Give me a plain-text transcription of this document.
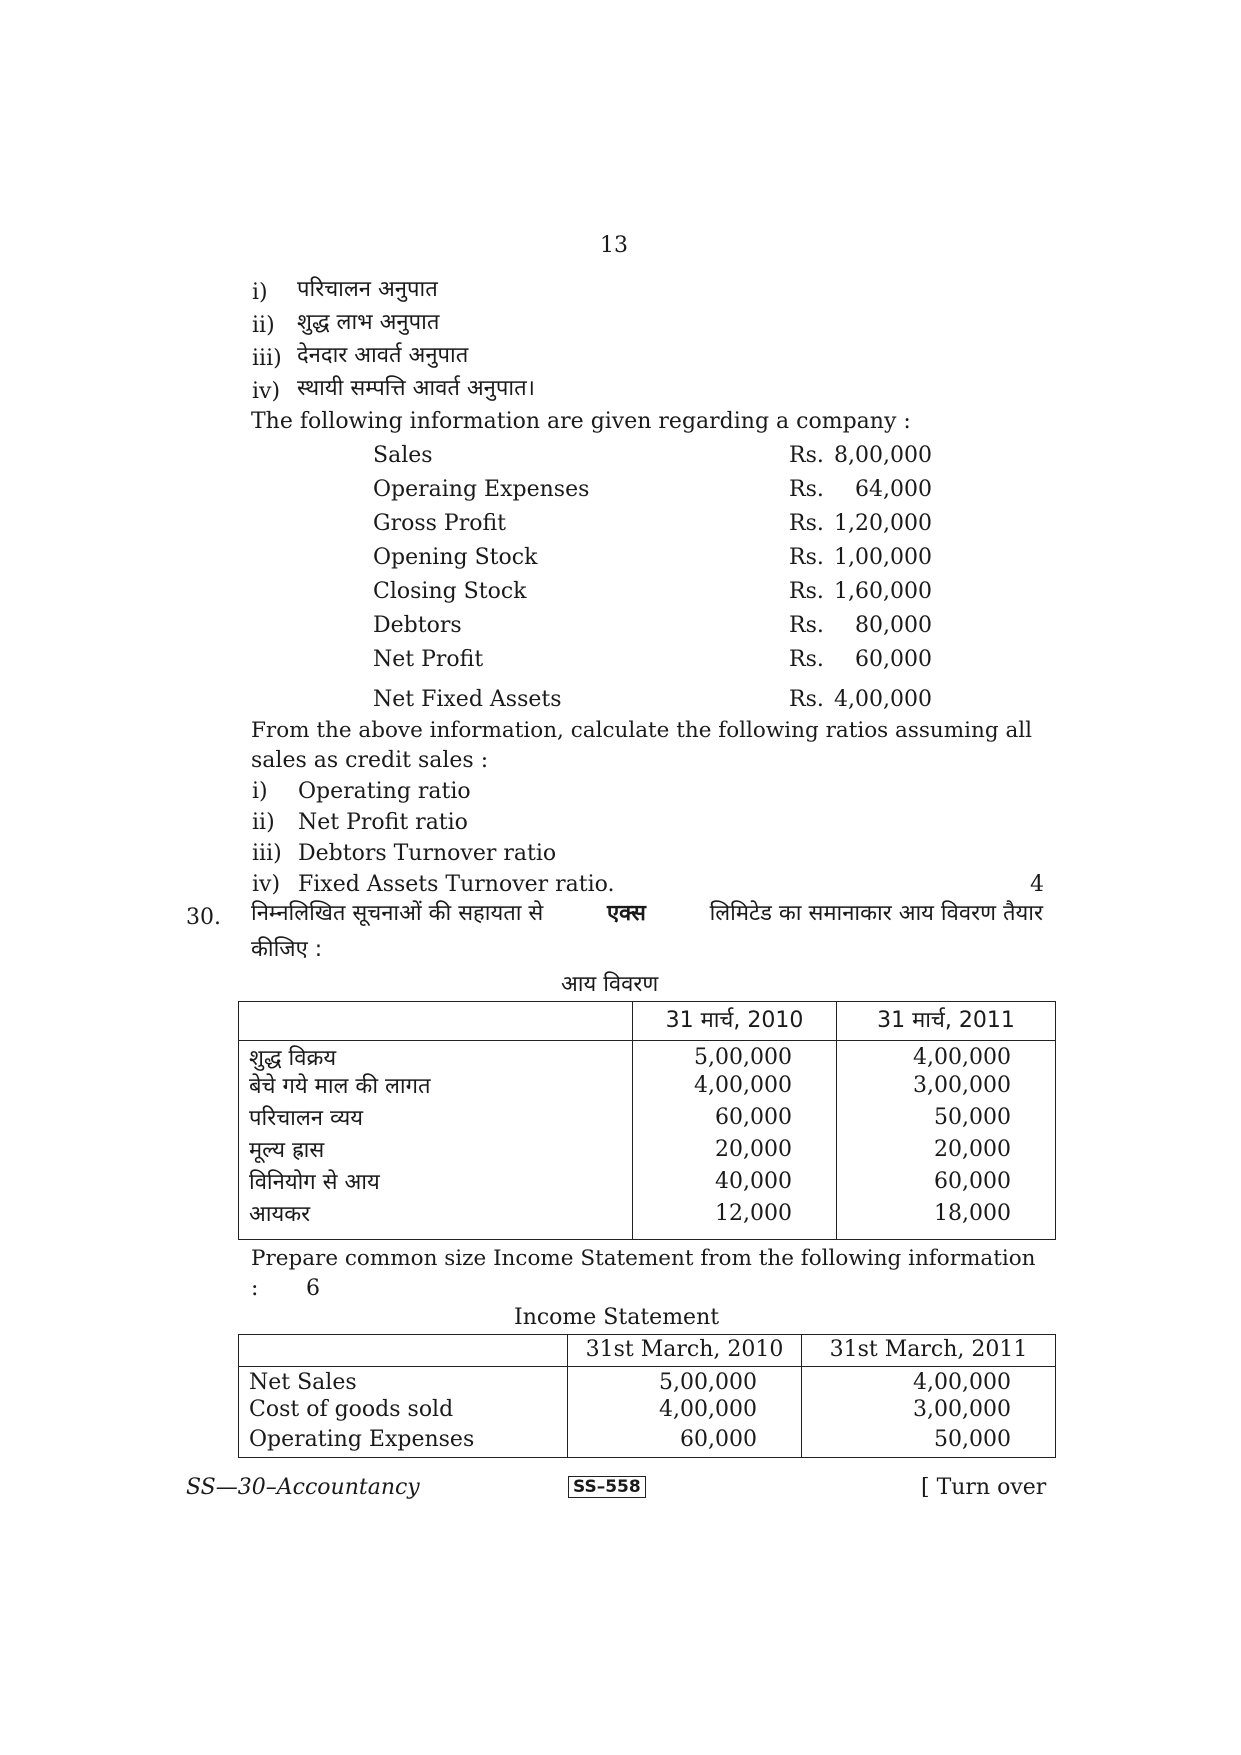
13
i) परिचालन अनुपात
ii) शुद्ध लाभ अनुपात
iii) देनदार आवर्त अनुपात
iv) स्थायी सम्पत्ति आवर्त अनुपात।
The following information are given regarding a company :
Sales	Rs. 8,00,000
Operaing Expenses	Rs.	64,000
Gross Profit	Rs. 1,20,000
Opening Stock	Rs. 1,00,000
Closing Stock	Rs. 1,60,000
Debtors	Rs.	80,000
Net Profit	Rs.	60,000
Net Fixed Assets	Rs. 4,00,000
From the above information, calculate the following ratios assuming all
sales as credit sales :
i) Operating ratio
ii) Net Profit ratio
iii) Debtors Turnover ratio
iv) Fixed Assets Turnover ratio.	4
30. निम्नलिखित सूचनाओं की सहायता से	एक्स	लिमिटेड का समानाकार आय विवरण तैयार
कीजिए :
आय विवरण
	31 मार्च, 2010	31 मार्च, 2011
शुद्ध विक्रय	5,00,000	4,00,000
बेचे गये माल की लागत	4,00,000	3,00,000
परिचालन व्यय	60,000	50,000
मूल्य ह्रास	20,000	20,000
विनियोग से आय	40,000	60,000
आयकर	12,000	18,000
Prepare common size Income Statement from the following information
: 6
Income Statement
	31st March, 2010	31st March, 2011
Net Sales	5,00,000	4,00,000
Cost of goods sold	4,00,000	3,00,000
Operating Expenses	60,000	50,000
SS—30–Accountancy	SS–558	[ Turn over
